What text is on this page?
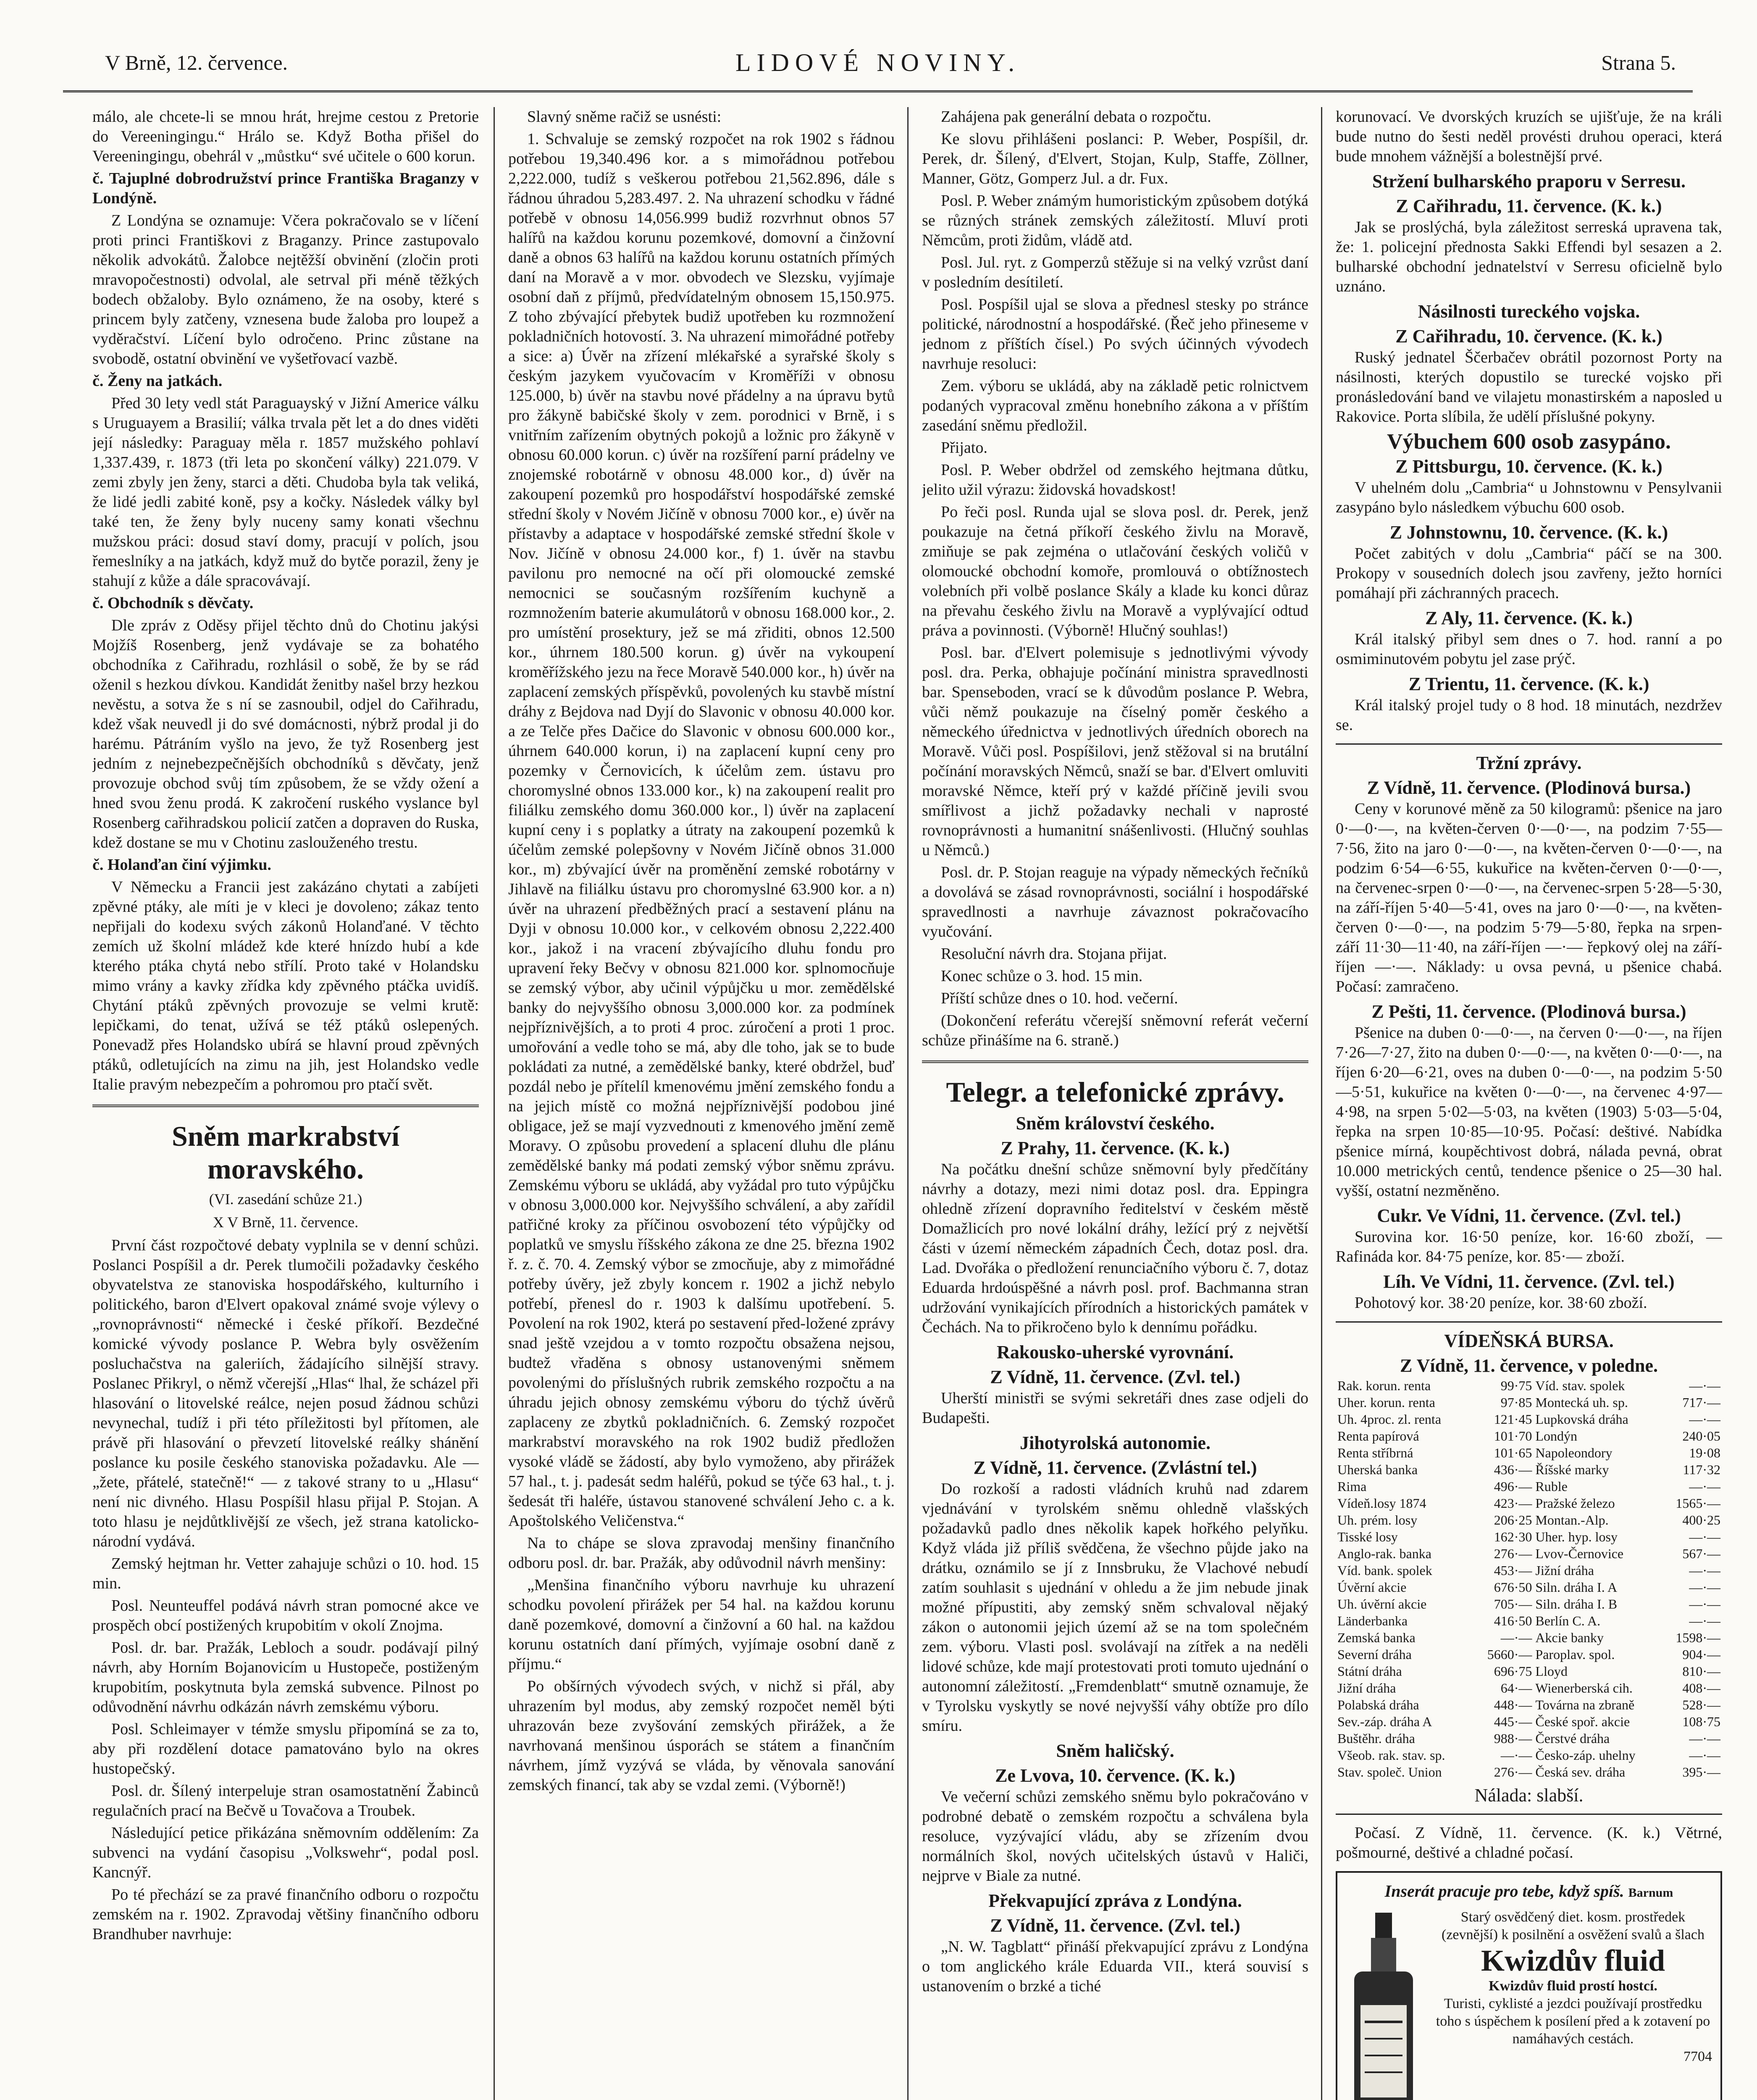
V Brně, 12. července.	LIDOVÉ NOVINY.	Strana 5.

málo, ale chcete-li se mnou hrát, hrejme cestou z Pretorie do Vereeningingu.“ Hrálo se. Když Botha přišel do Vereeningingu, obehrál v „můstku“ své učitele o 600 korun.

č. Tajuplné dobrodružství prince Františka Braganzy v Londýně.

Z Londýna se oznamuje: Včera pokračovalo se v líčení proti princi Františkovi z Braganzy. Prince zastupovalo několik advokátů. Žalobce nejtěžší obvinění (zločin proti mravopočestnosti) odvolal, ale setrval při méně těžkých bodech obžaloby. Bylo oznámeno, že na osoby, které s princem byly zatčeny, vznesena bude žaloba pro loupež a vyděračství. Líčení bylo odročeno. Princ zůstane na svobodě, ostatní obvinění ve vyšetřovací vazbě.

č. Ženy na jatkách.

Před 30 lety vedl stát Paraguayský v Jižní Americe válku s Uruguayem a Brasilií; válka trvala pět let a do dnes viděti její následky: Paraguay měla r. 1857 mužského pohlaví 1,337.439, r. 1873 (tři leta po skončení války) 221.079. V zemi zbyly jen ženy, starci a děti. Chudoba byla tak veliká, že lidé jedli zabité koně, psy a kočky. Následek války byl také ten, že ženy byly nuceny samy konati všechnu mužskou práci: dosud staví domy, pracují v polích, jsou řemeslníky a na jatkách, když muž do bytče porazil, ženy je stahují z kůže a dále spracovávají.

č. Obchodník s děvčaty.

Dle zpráv z Oděsy přijel těchto dnů do Chotinu jakýsi Mojžíš Rosenberg, jenž vydávaje se za bohatého obchodníka z Cařihradu, rozhlásil o sobě, že by se rád oženil s hezkou dívkou. Kandidát ženitby našel brzy hezkou nevěstu, a sotva že s ní se zasnoubil, odjel do Cařihradu, kdež však neuvedl ji do své domácnosti, nýbrž prodal ji do harému. Pátráním vyšlo na jevo, že tyž Rosenberg jest jedním z nejnebezpečnějších obchodníků s děvčaty, jenž provozuje obchod svůj tím způsobem, že se vždy ožení a hned svou ženu prodá. K zakročení ruského vyslance byl Rosenberg cařihradskou policií zatčen a dopraven do Ruska, kdež dostane se mu v Chotinu zaslouženého trestu.

č. Holanďan činí výjimku.

V Německu a Francii jest zakázáno chytati a zabíjeti zpěvné ptáky, ale míti je v kleci je dovoleno; zákaz tento nepřijali do kodexu svých zákonů Holanďané. V těchto zemích už školní mládež kde které hnízdo hubí a kde kterého ptáka chytá nebo střílí. Proto také v Holandsku mimo vrány a kavky zřídka kdy zpěvného ptáčka uvidíš. Chytání ptáků zpěvných provozuje se velmi krutě: lepičkami, do tenat, užívá se též ptáků oslepených. Ponevadž přes Holandsko ubírá se hlavní proud zpěvných ptáků, odletujících na zimu na jih, jest Holandsko vedle Italie pravým nebezpečím a pohromou pro ptačí svět.

Sněm markrabství moravského.
(VI. zasedání schůze 21.)
X V Brně, 11. července.

První část rozpočtové debaty vyplnila se v denní schůzi. Poslanci Pospíšil a dr. Perek tlumočili požadavky českého obyvatelstva ze stanoviska hospodářského, kulturního i politického, baron d'Elvert opakoval známé svoje výlevy o „rovnoprávnosti“ německé i české příkoří. Bezdečné komické vývody poslance P. Webra byly osvěžením posluchačstva na galeriích, žádajícího silnější stravy. Poslanec Přikryl, o němž včerejší „Hlas“ lhal, že scházel při hlasování o litovelské reálce, nejen posud žádnou schůzi nevynechal, tudíž i při této příležitosti byl přítomen, ale právě při hlasování o převzetí litovelské reálky shánění poslance ku posile českého stanoviska požadavku. Ale — „žete, přátelé, statečně!“ — z takové strany to u „Hlasu“ není nic divného. Hlasu Pospíšil hlasu přijal P. Stojan. A toto hlasu je nejdůtklivější ze všech, jež strana katolicko-národní vydává.

Zemský hejtman hr. Vetter zahajuje schůzi o 10. hod. 15 min.

Posl. Neunteuffel podává návrh stran pomocné akce ve prospěch obcí postižených krupobitím v okolí Znojma.

Posl. dr. bar. Pražák, Lebloch a soudr. podávají pilný návrh, aby Horním Bojanovicím u Hustopeče, postiženým krupobitím, poskytnuta byla zemská subvence. Pilnost po odůvodnění návrhu odkázán návrh zemskému výboru.

Posl. Schleimayer v témže smyslu připomíná se za to, aby při rozdělení dotace pamatováno bylo na okres hustopečský.

Posl. dr. Šílený interpeluje stran osamostatnění Žabinců regulačních prací na Bečvě u Tovačova a Troubek.

Následující petice přikázána sněmovním oddělením: Za subvenci na vydání časopisu „Volkswehr“, podal posl. Kancnýř.

Po té přechází se za pravé finančního odboru o rozpočtu zemském na r. 1902. Zpravodaj většiny finančního odboru Brandhuber navrhuje:

Slavný sněme račiž se usnésti:

1. Schvaluje se zemský rozpočet na rok 1902 s řádnou potřebou 19,340.496 kor. a s mimořádnou potřebou 2,222.000, tudíž s veškerou potřebou 21,562.896, dále s řádnou úhradou 5,283.497. 2. Na uhrazení schodku v řádné potřebě v obnosu 14,056.999 budiž rozvrhnut obnos 57 halířů na každou korunu pozemkové, domovní a činžovní daně a obnos 63 halířů na každou korunu ostatních přímých daní na Moravě a v mor. obvodech ve Slezsku, vyjímaje osobní daň z příjmů, předvídatelným obnosem 15,150.975. Z toho zbývající přebytek budiž upotřeben ku rozmnožení pokladničních hotovostí. 3. Na uhrazení mimořádné potřeby a sice: a) Úvěr na zřízení mlékařské a syrařské školy s českým jazykem vyučovacím v Kroměříži v obnosu 125.000, b) úvěr na stavbu nové přádelny a na úpravu bytů pro žákyně babičské školy v zem. porodnici v Brně, i s vnitřním zařízením obytných pokojů a ložnic pro žákyně v obnosu 60.000 korun. c) úvěr na rozšíření parní prádelny ve znojemské robotárně v obnosu 48.000 kor., d) úvěr na zakoupení pozemků pro hospodářství hospodářské zemské střední školy v Novém Jičíně v obnosu 7000 kor., e) úvěr na přístavby a adaptace v hospodářské zemské střední škole v Nov. Jičíně v obnosu 24.000 kor., f) 1. úvěr na stavbu pavilonu pro nemocné na očí při olomoucké zemské nemocnici se současným rozšířením kuchyně a rozmnožením baterie akumulátorů v obnosu 168.000 kor., 2. pro umístění prosektury, jež se má zřiditi, obnos 12.500 kor., úhrnem 180.500 korun. g) úvěr na vykoupení kroměřížského jezu na řece Moravě 540.000 kor., h) úvěr na zaplacení zemských příspěvků, povolených ku stavbě místní dráhy z Bejdova nad Dyjí do Slavonic v obnosu 40.000 kor. a ze Telče přes Dačice do Slavonic v obnosu 600.000 kor., úhrnem 640.000 korun, i) na zaplacení kupní ceny pro pozemky v Černovicích, k účelům zem. ústavu pro choromyslné obnos 133.000 kor., k) na zakoupení realit pro filiálku zemského domu 360.000 kor., l) úvěr na zaplacení kupní ceny i s poplatky a útraty na zakoupení pozemků k účelům zemské polepšovny v Novém Jičíně obnos 31.000 kor., m) zbývající úvěr na proměnění zemské robotárny v Jihlavě na filiálku ústavu pro choromyslné 63.900 kor. a n) úvěr na uhrazení předběžných prací a sestavení plánu na Dyji v obnosu 10.000 kor., v celkovém obnosu 2,222.400 kor., jakož i na vracení zbývajícího dluhu fondu pro upravení řeky Bečvy v obnosu 821.000 kor. splnomocňuje se zemský výbor, aby učinil výpůjčku u mor. zemědělské banky do nejvyššího obnosu 3,000.000 kor. za podmínek nejpříznivějších, a to proti 4 proc. zúročení a proti 1 proc. umořování a vedle toho se má, aby dle toho, jak se to bude pokládati za nutné, a zemědělské banky, které obdržel, buď pozdál nebo je přítelíl kmenovému jmění zemského fondu a na jejich místě co možná nejpříznivější podobou jiné obligace, jež se mají vyzvednouti z kmenového jmění země Moravy. O způsobu provedení a splacení dluhu dle plánu zemědělské banky má podati zemský výbor sněmu zprávu. Zemskému výboru se ukládá, aby vyžádal pro tuto výpůjčku v obnosu 3,000.000 kor. Nejvyššího schválení, a aby zařídil patřičné kroky za příčinou osvobození této výpůjčky od poplatků ve smyslu říšského zákona ze dne 25. března 1902 ř. z. č. 70. 4. Zemský výbor se zmocňuje, aby z mimořádné potřeby úvěry, jež zbyly koncem r. 1902 a jichž nebylo potřebí, přenesl do r. 1903 k dalšímu upotřebení. 5. Povolení na rok 1902, která po sestavení před-ložené zprávy snad ještě vzejdou a v tomto rozpočtu obsažena nejsou, budtež vřaděna s obnosy ustanovenými sněmem povolenými do příslušných rubrik zemského rozpočtu a na úhradu jejich obnosy zemskému výboru do týchž úvěrů zaplaceny ze zbytků pokladničních. 6. Zemský rozpočet markrabství moravského na rok 1902 budiž předložen vysoké vládě se žádostí, aby bylo vymoženo, aby přirážek 57 hal., t. j. padesát sedm haléřů, pokud se týče 63 hal., t. j. šedesát tři haléře, ústavou stanovené schválení Jeho c. a k. Apoštolského Veličenstva.“

Na to chápe se slova zpravodaj menšiny finančního odboru posl. dr. bar. Pražák, aby odůvodnil návrh menšiny:

„Menšina finančního výboru navrhuje ku uhrazení schodku povolení přirážek per 54 hal. na každou korunu daně pozemkové, domovní a činžovní a 60 hal. na každou korunu ostatních daní přímých, vyjímaje osobní daně z příjmu.“

Po obšírných vývodech svých, v nichž si přál, aby uhrazením byl modus, aby zemský rozpočet neměl býti uhrazován beze zvyšování zemských přirážek, a že navrhovaná menšinou úsporách se státem a finančním návrhem, jímž vyzývá se vláda, by věnovala sanování zemských financí, tak aby se vzdal zemi. (Výborně!)

Zahájena pak generální debata o rozpočtu.

Ke slovu přihlášeni poslanci: P. Weber, Pospíšil, dr. Perek, dr. Šílený, d'Elvert, Stojan, Kulp, Staffe, Zöllner, Manner, Götz, Gomperz Jul. a dr. Fux.

Posl. P. Weber známým humoristickým způsobem dotýká se různých stránek zemských záležitostí. Mluví proti Němcům, proti židům, vládě atd.

Posl. Jul. ryt. z Gomperzů stěžuje si na velký vzrůst daní v posledním desítiletí.

Posl. Pospíšil ujal se slova a přednesl stesky po stránce politické, národnostní a hospodářské. (Řeč jeho přineseme v jednom z příštích čísel.) Po svých účinných vývodech navrhuje resoluci:

Zem. výboru se ukládá, aby na základě petic rolnictvem podaných vypracoval změnu honebního zákona a v příštím zasedání sněmu předložil.

Přijato.

Posl. P. Weber obdržel od zemského hejtmana důtku, jelito užil výrazu: židovská hovadskost!

Po řeči posl. Runda ujal se slova posl. dr. Perek, jenž poukazuje na četná příkoří českého živlu na Moravě, zmiňuje se pak zejména o utlačování českých voličů v olomoucké obchodní komoře, promlouvá o obtížnostech volebních při volbě poslance Skály a klade ku konci důraz na převahu českého živlu na Moravě a vyplývající odtud práva a povinnosti. (Výborně! Hlučný souhlas!)

Posl. bar. d'Elvert polemisuje s jednotlivými vývody posl. dra. Perka, obhajuje počínání ministra spravedlnosti bar. Spenseboden, vrací se k důvodům poslance P. Webra, vůči němž poukazuje na číselný poměr českého a německého úřednictva v jednotlivých úředních oborech na Moravě. Vůči posl. Pospíšilovi, jenž stěžoval si na brutální počínání moravských Němců, snaží se bar. d'Elvert omluviti moravské Němce, kteří prý v každé příčině jevili svou smířlivost a jichž požadavky nechali v naprosté rovnoprávnosti a humanitní snášenlivosti. (Hlučný souhlas u Němců.)

Posl. dr. P. Stojan reaguje na výpady německých řečníků a dovolává se zásad rovnoprávnosti, sociální i hospodářské spravedlnosti a navrhuje závaznost pokračovacího vyučování.

Resoluční návrh dra. Stojana přijat.

Konec schůze o 3. hod. 15 min.

Příští schůze dnes o 10. hod. večerní.

(Dokončení referátu včerejší sněmovní referát večerní schůze přinášíme na 6. straně.)

Telegr. a telefonické zprávy.
Sněm království českého.
Z Prahy, 11. července. (K. k.)

Na počátku dnešní schůze sněmovní byly předčítány návrhy a dotazy, mezi nimi dotaz posl. dra. Eppingra ohledně zřízení dopravního ředitelství v českém městě Domažlicích pro nové lokální dráhy, ležící prý z největší části v území německém západních Čech, dotaz posl. dra. Lad. Dvořáka o předložení renunciačního výboru č. 7, dotaz Eduarda hrdoúspěšné a návrh posl. prof. Bachmanna stran udržování vynikajících přírodních a historických památek v Čechách. Na to přikročeno bylo k dennímu pořádku.

Rakousko-uherské vyrovnání.
Z Vídně, 11. července. (Zvl. tel.)

Uherští ministři se svými sekretáři dnes zase odjeli do Budapešti.

Jihotyrolská autonomie.
Z Vídně, 11. července. (Zvlástní tel.)

Do rozkoší a radosti vládních kruhů nad zdarem vjednávání v tyrolském sněmu ohledně vlašských požadavků padlo dnes několik kapek hořkého pelyňku. Když vláda již příliš svědčena, že všechno půjde jako na drátku, oznámilo se jí z Innsbruku, že Vlachové nebudí zatím souhlasit s ujednání v ohledu a že jim nebude jinak možné přípustiti, aby zemský sněm schvaloval nějaký zákon o autonomii jejich území až se na tom společném zem. výboru. Vlasti posl. svolávají na zítřek a na neděli lidové schůze, kde mají protestovati proti tomuto ujednání o autonomní záležitostí. „Fremdenblatt“ smutně oznamuje, že v Tyrolsku vyskytly se nové nejvyšší váhy obtíže pro dílo smíru.

Sněm haličský.
Ze Lvova, 10. července. (K. k.)

Ve večerní schůzi zemského sněmu bylo pokračováno v podrobné debatě o zemském rozpočtu a schválena byla resoluce, vyzývající vládu, aby se zřízením dvou normálních škol, nových učitelských ústavů v Haliči, nejprve v Biale za nutné.

Překvapující zpráva z Londýna.
Z Vídně, 11. července. (Zvl. tel.)

„N. W. Tagblatt“ přináší překvapující zprávu z Londýna o tom anglického krále Eduarda VII., která souvisí s ustanovením o brzké a tiché

korunovací. Ve dvorských kruzích se ujišťuje, že na králi bude nutno do šesti neděl provésti druhou operaci, která bude mnohem vážnější a bolestnější prvé.

Stržení bulharského praporu v Serresu.
Z Cařihradu, 11. července. (K. k.)

Jak se proslýchá, byla záležitost serreská upravena tak, že: 1. policejní přednosta Sakki Effendi byl sesazen a 2. bulharské obchodní jednatelství v Serresu oficielně bylo uznáno.

Násilnosti tureckého vojska.
Z Cařihradu, 10. července. (K. k.)

Ruský jednatel Ščerbačev obrátil pozornost Porty na násilnosti, kterých dopustilo se turecké vojsko při pronásledování band ve vilajetu monastirském a naposled u Rakovice. Porta slíbila, že udělí příslušné pokyny.

Výbuchem 600 osob zasypáno.
Z Pittsburgu, 10. července. (K. k.)

V uhelném dolu „Cambria“ u Johnstownu v Pensylvanii zasypáno bylo následkem výbuchu 600 osob.

Z Johnstownu, 10. července. (K. k.)

Počet zabitých v dolu „Cambria“ páčí se na 300. Prokopy v sousedních dolech jsou zavřeny, ježto horníci pomáhají při záchranných pracech.

Z Aly, 11. července. (K. k.)

Král italský přibyl sem dnes o 7. hod. ranní a po osmiminutovém pobytu jel zase prýč.

Z Trientu, 11. července. (K. k.)

Král italský projel tudy o 8 hod. 18 minutách, nezdržev se.

Tržní zprávy.
Z Vídně, 11. července. (Plodinová bursa.)

Ceny v korunové měně za 50 kilogramů: pšenice na jaro 0·—0·—, na květen-červen 0·—0·—, na podzim 7·55—7·56, žito na jaro 0·—0·—, na květen-červen 0·—0·—, na podzim 6·54—6·55, kukuřice na květen-červen 0·—0·—, na červenec-srpen 0·—0·—, na červenec-srpen 5·28—5·30, na září-říjen 5·40—5·41, oves na jaro 0·—0·—, na květen-červen 0·—0·—, na podzim 5·79—5·80, řepka na srpen-září 11·30—11·40, na září-říjen —·— řepkový olej na září-říjen —·—. Náklady: u ovsa pevná, u pšenice chabá. Počasí: zamračeno.

Z Pešti, 11. července. (Plodinová bursa.)

Pšenice na duben 0·—0·—, na červen 0·—0·—, na říjen 7·26—7·27, žito na duben 0·—0·—, na květen 0·—0·—, na říjen 6·20—6·21, oves na duben 0·—0·—, na podzim 5·50—5·51, kukuřice na květen 0·—0·—, na červenec 4·97—4·98, na srpen 5·02—5·03, na květen (1903) 5·03—5·04, řepka na srpen 10·85—10·95. Počasí: deštivé. Nabídka pšenice mírná, koupěchtivost dobrá, nálada pevná, obrat 10.000 metrických centů, tendence pšenice o 25—30 hal. vyšší, ostatní nezměněno.

Cukr. Ve Vídni, 11. července. (Zvl. tel.)

Surovina kor. 16·50 peníze, kor. 16·60 zboží, — Rafináda kor. 84·75 peníze, kor. 85·— zboží.

Líh. Ve Vídni, 11. července. (Zvl. tel.)

Pohotový kor. 38·20 peníze, kor. 38·60 zboží.

VÍDEŇSKÁ BURSA.
Z Vídně, 11. července, v poledne.
Rak. korun. renta	99·75	Víd. stav. spolek	—·—
Uher. korun. renta	97·85	Montecká uh. sp.	717·—
Uh. 4proc. zl. renta	121·45	Lupkovská dráha	—·—
Renta papírová	101·70	Londýn	240·05
Renta stříbrná	101·65	Napoleondory	19·08
Uherská banka	436·—	Říšské marky	117·32
Rima	496·—	Ruble	—·—
Vídeň.losy 1874	423·—	Pražské železo	1565·—
Uh. prém. losy	206·25	Montan.-Alp.	400·25
Tisské losy	162·30	Uher. hyp. losy	—·—
Anglo-rak. banka	276·—	Lvov-Černovice	567·—
Víd. bank. spolek	453·—	Jižní dráha	—·—
Úvěrní akcie	676·50	Siln. dráha I. A	—·—
Uh. úvěrní akcie	705·—	Siln. dráha I. B	—·—
Länderbanka	416·50	Berlín C. A.	—·—
Zemská banka	—·—	Akcie banky	1598·—
Severní dráha	5660·—	Paroplav. spol.	904·—
Státní dráha	696·75	Lloyd	810·—
Jižní dráha	64·—	Wienerberská cih.	408·—
Polabská dráha	448·—	Továrna na zbraně	528·—
Sev.-záp. dráha A	445·—	České spoř. akcie	108·75
Buštěhr. dráha	988·—	Čerstvé dráha	—·—
Všeob. rak. stav. sp.	—·—	Česko-záp. uhelny	—·—
Stav. společ. Union	276·—	Česká sev. dráha	395·—
Nálada: slabší.

Počasí. Z Vídně, 11. července. (K. k.) Větrné, pošmourné, deštivé a chladné počasí.

Inserát pracuje pro tebe, když spíš. Barnum
Starý osvědčený diet. kosm. prostředek (zevnější) k posilnění a osvěžení svalů a šlach
Kwizdův fluid
Kwizdův fluid prostí hostcí.
Turisti, cyklisté a jezdci používají prostředku toho s úspěchem k posílení před a k zotavení po namáhavých cestách.
7704
